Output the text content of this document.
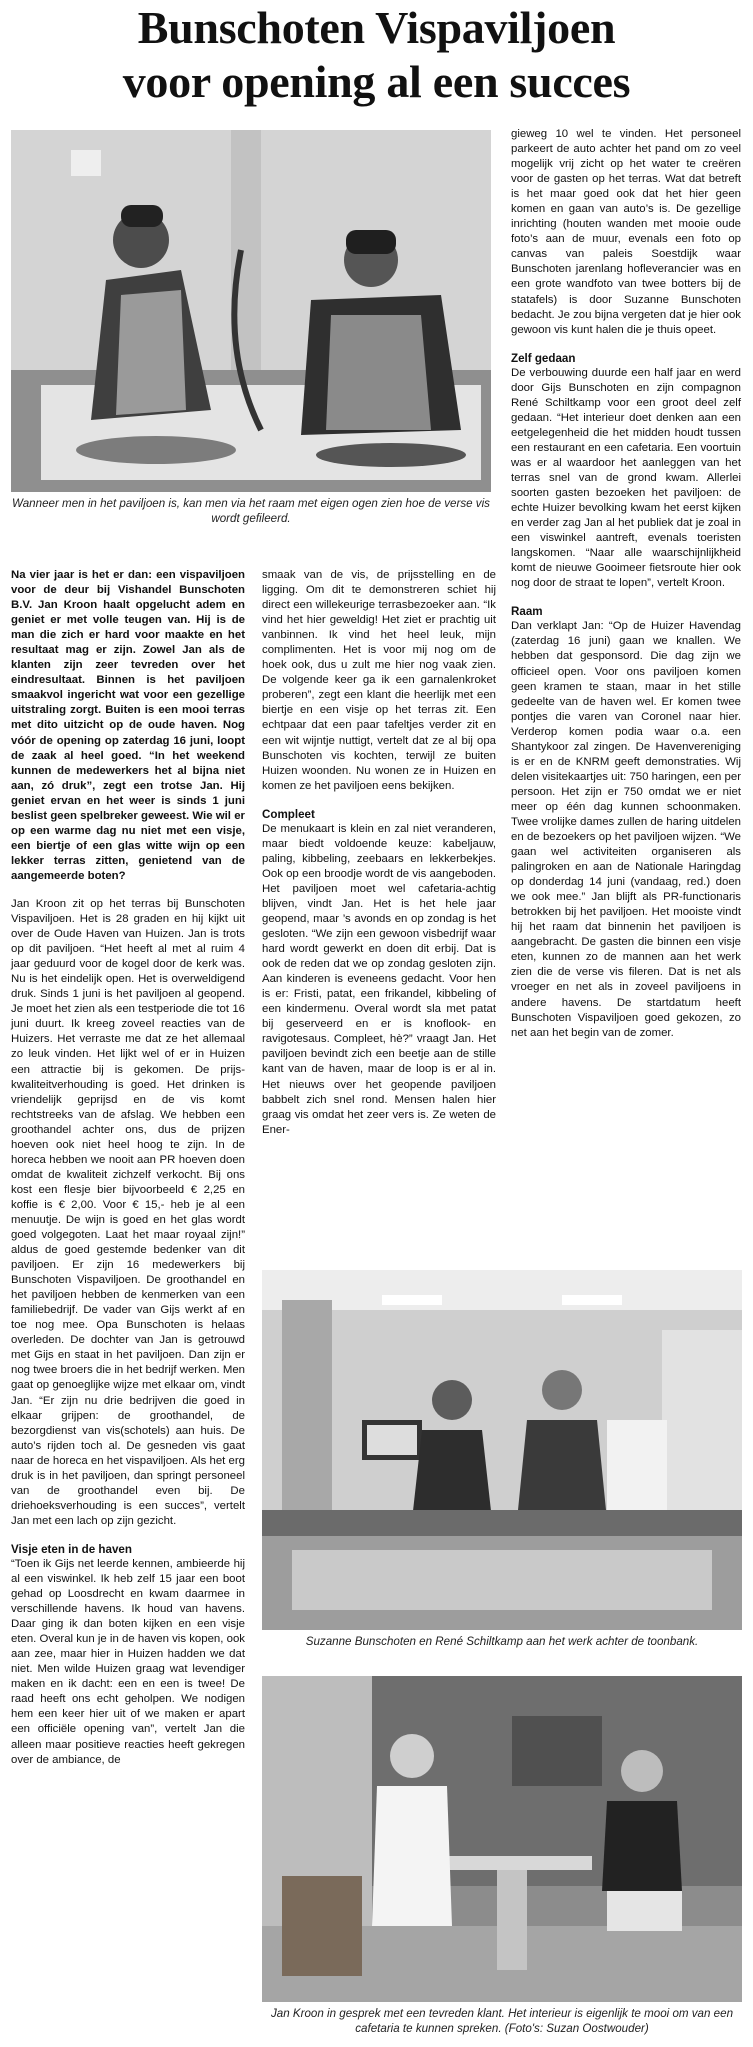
Bunschoten Vispaviljoen
voor opening al een succes
Wanneer men in het paviljoen is, kan men via het raam met eigen ogen zien hoe de verse vis wordt gefileerd.

gieweg 10 wel te vinden. Het personeel parkeert de auto achter het pand om zo veel mogelijk vrij zicht op het water te creëren voor de gasten op het terras. Wat dat betreft is het maar goed ook dat het hier geen komen en gaan van auto’s is. De gezellige inrichting (houten wanden met mooie oude foto’s aan de muur, evenals een foto op canvas van paleis Soestdijk waar Bunschoten jarenlang hofleverancier was en een grote wandfoto van twee botters bij de statafels) is door Suzanne Bunschoten bedacht. Je zou bijna vergeten dat je hier ook gewoon vis kunt halen die je thuis opeet.

Zelf gedaan

De verbouwing duurde een half jaar en werd door Gijs Bunschoten en zijn compagnon René Schiltkamp voor een groot deel zelf gedaan. “Het interieur doet denken aan een eetgelegenheid die het midden houdt tussen een restaurant en een cafetaria. Een voortuin was er al waardoor het aanleggen van het terras snel van de grond kwam. Allerlei soorten gasten bezoeken het paviljoen: de echte Huizer bevolking kwam het eerst kijken en verder zag Jan al het publiek dat je zoal in een viswinkel aantreft, evenals toeristen langskomen. “Naar alle waarschijnlijkheid komt de nieuwe Gooimeer fietsroute hier ook nog door de straat te lopen”, vertelt Kroon.

Raam

Dan verklapt Jan: “Op de Huizer Havendag (zaterdag 16 juni) gaan we knallen. We hebben dat gesponsord. Die dag zijn we officieel open. Voor ons paviljoen komen geen kramen te staan, maar in het stille gedeelte van de haven wel. Er komen twee pontjes die varen van Coronel naar hier. Verderop komen podia waar o.a. een Shantykoor zal zingen. De Havenvereniging is er en de KNRM geeft demonstraties. Wij delen visitekaartjes uit: 750 haringen, een per persoon. Het zijn er 750 omdat we er niet meer op één dag kunnen schoonmaken. Twee vrolijke dames zullen de haring uitdelen en de bezoekers op het paviljoen wijzen. “We gaan wel activiteiten organiseren als palingroken en aan de Nationale Haringdag op donderdag 14 juni (vandaag, red.) doen we ook mee.” Jan blijft als PR-functionaris betrokken bij het paviljoen. Het mooiste vindt hij het raam dat binnenin het paviljoen is aangebracht. De gasten die binnen een visje eten, kunnen zo de mannen aan het werk zien die de verse vis fileren. Dat is net als vroeger en net als in zoveel paviljoens in andere havens. De startdatum heeft Bunschoten Vispaviljoen goed gekozen, zo net aan het begin van de zomer.

Na vier jaar is het er dan: een vispaviljoen voor de deur bij Vishandel Bunschoten B.V. Jan Kroon haalt opgelucht adem en geniet er met volle teugen van. Hij is de man die zich er hard voor maakte en het resultaat mag er zijn. Zowel Jan als de klanten zijn zeer tevreden over het eindresultaat. Binnen is het paviljoen smaakvol ingericht wat voor een gezellige uitstraling zorgt. Buiten is een mooi terras met dito uitzicht op de oude haven. Nog vóór de opening op zaterdag 16 juni, loopt de zaak al heel goed. “In het weekend kunnen de medewerkers het al bijna niet aan, zó druk”, zegt een trotse Jan. Hij geniet ervan en het weer is sinds 1 juni beslist geen spelbreker geweest. Wie wil er op een warme dag nu niet met een visje, een biertje of een glas witte wijn op een lekker terras zitten, genietend van de aangemeerde boten?

Jan Kroon zit op het terras bij Bunschoten Vispaviljoen. Het is 28 graden en hij kijkt uit over de Oude Haven van Huizen. Jan is trots op dit paviljoen. “Het heeft al met al ruim 4 jaar geduurd voor de kogel door de kerk was. Nu is het eindelijk open. Het is overweldigend druk. Sinds 1 juni is het paviljoen al geopend. Je moet het zien als een testperiode die tot 16 juni duurt. Ik kreeg zoveel reacties van de Huizers. Het verraste me dat ze het allemaal zo leuk vinden. Het lijkt wel of er in Huizen een attractie bij is gekomen. De prijs-kwaliteitverhouding is goed. Het drinken is vriendelijk geprijsd en de vis komt rechtstreeks van de afslag. We hebben een groothandel achter ons, dus de prijzen hoeven ook niet heel hoog te zijn. In de horeca hebben we nooit aan PR hoeven doen omdat de kwaliteit zichzelf verkocht. Bij ons kost een flesje bier bijvoorbeeld € 2,25 en koffie is € 2,00. Voor € 15,- heb je al een menuutje. De wijn is goed en het glas wordt goed volgegoten. Laat het maar royaal zijn!” aldus de goed gestemde bedenker van dit paviljoen. Er zijn 16 medewerkers bij Bunschoten Vispaviljoen. De groothandel en het paviljoen hebben de kenmerken van een familiebedrijf. De vader van Gijs werkt af en toe nog mee. Opa Bunschoten is helaas overleden. De dochter van Jan is getrouwd met Gijs en staat in het paviljoen. Dan zijn er nog twee broers die in het bedrijf werken. Men gaat op genoeglijke wijze met elkaar om, vindt Jan. “Er zijn nu drie bedrijven die goed in elkaar grijpen: de groothandel, de bezorgdienst van vis(schotels) aan huis. De auto’s rijden toch al. De gesneden vis gaat naar de horeca en het vispaviljoen. Als het erg druk is in het paviljoen, dan springt personeel van de groothandel even bij. De driehoeksverhouding is een succes”, vertelt Jan met een lach op zijn gezicht.

Visje eten in de haven

“Toen ik Gijs net leerde kennen, ambieerde hij al een viswinkel. Ik heb zelf 15 jaar een boot gehad op Loosdrecht en kwam daarmee in verschillende havens. Ik houd van havens. Daar ging ik dan boten kijken en een visje eten. Overal kun je in de haven vis kopen, ook aan zee, maar hier in Huizen hadden we dat niet. Men wilde Huizen graag wat levendiger maken en ik dacht: een en een is twee! De raad heeft ons echt geholpen. We nodigen hem een keer hier uit of we maken er apart een officiële opening van”, vertelt Jan die alleen maar positieve reacties heeft gekregen over de ambiance, de

smaak van de vis, de prijsstelling en de ligging. Om dit te demonstreren schiet hij direct een willekeurige terrasbezoeker aan. “Ik vind het hier geweldig! Het ziet er prachtig uit vanbinnen. Ik vind het heel leuk, mijn complimenten. Het is voor mij nog om de hoek ook, dus u zult me hier nog vaak zien. De volgende keer ga ik een garnalenkroket proberen”, zegt een klant die heerlijk met een biertje en een visje op het terras zit. Een echtpaar dat een paar tafeltjes verder zit en een wit wijntje nuttigt, vertelt dat ze al bij opa Bunschoten vis kochten, terwijl ze buiten Huizen woonden. Nu wonen ze in Huizen en komen ze het paviljoen eens bekijken.

Compleet

De menukaart is klein en zal niet veranderen, maar biedt voldoende keuze: kabeljauw, paling, kibbeling, zeebaars en lekkerbekjes. Ook op een broodje wordt de vis aangeboden. Het paviljoen moet wel cafetaria-achtig blijven, vindt Jan. Het is het hele jaar geopend, maar ’s avonds en op zondag is het gesloten. “We zijn een gewoon visbedrijf waar hard wordt gewerkt en doen dit erbij. Dat is ook de reden dat we op zondag gesloten zijn. Aan kinderen is eveneens gedacht. Voor hen is er: Fristi, patat, een frikandel, kibbeling of een kindermenu. Overal wordt sla met patat bij geserveerd en er is knoflook- en ravigotesaus. Compleet, hè?” vraagt Jan. Het paviljoen bevindt zich een beetje aan de stille kant van de haven, maar de loop is er al in. Het nieuws over het geopende paviljoen babbelt zich snel rond. Mensen halen hier graag vis omdat het zeer vers is. Ze weten de Ener-

Suzanne Bunschoten en René Schiltkamp aan het werk achter de toonbank.
Jan Kroon in gesprek met een tevreden klant. Het interieur is eigenlijk te mooi om van een cafetaria te kunnen spreken. (Foto's: Suzan Oostwouder)
